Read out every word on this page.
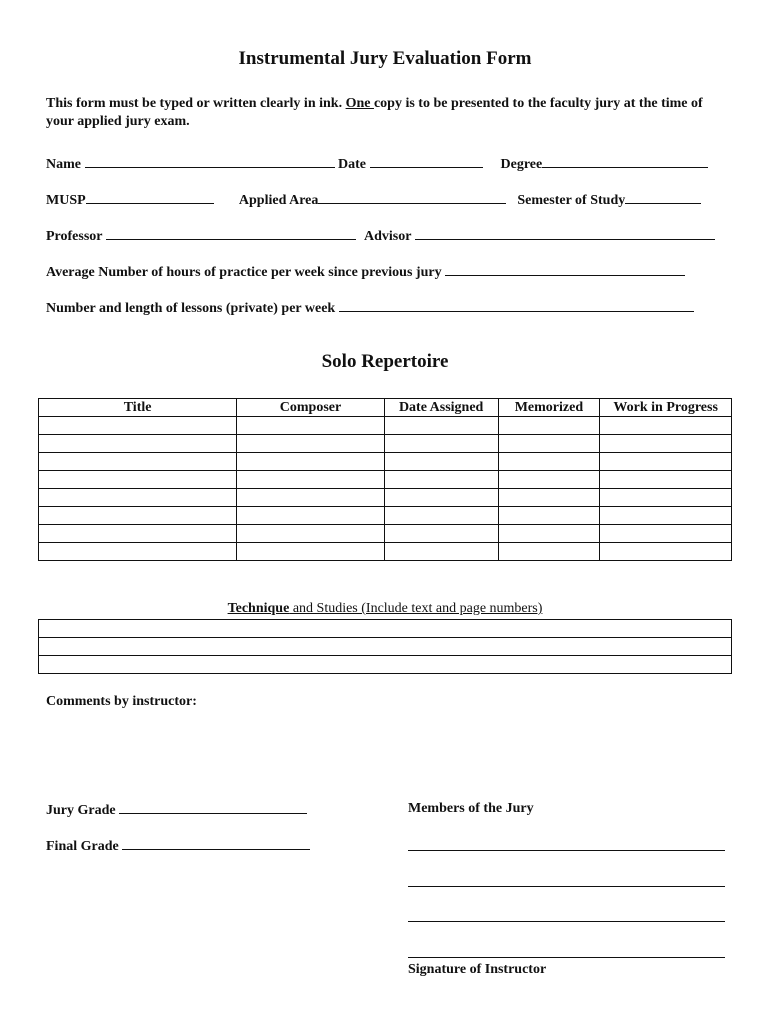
Instrumental Jury Evaluation Form
This form must be typed or written clearly in ink. One copy is to be presented to the faculty jury at the time of your applied jury exam.
Name	Date	Degree
MUSP	Applied Area	Semester of Study
Professor	Advisor
Average Number of hours of practice per week since previous jury
Number and length of lessons (private) per week
Solo Repertoire
Title	Composer	Date Assigned	Memorized	Work in Progress

Technique and Studies (Include text and page numbers)

Comments by instructor:
Jury Grade
Final Grade
Members of the Jury
Signature of Instructor
